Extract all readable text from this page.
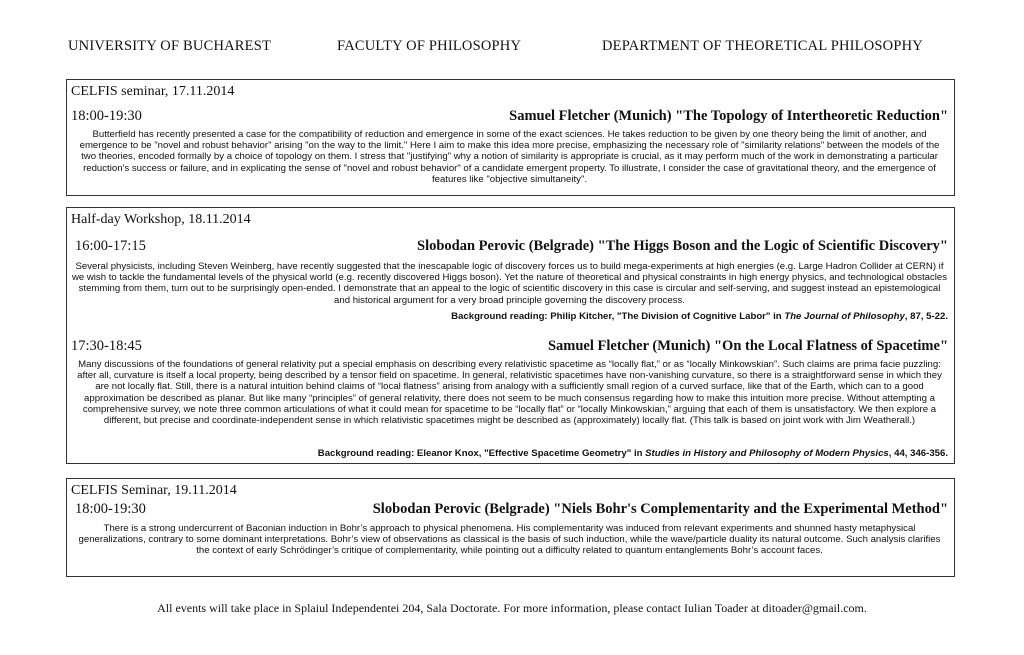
UNIVERSITY OF BUCHAREST	FACULTY OF PHILOSOPHY	DEPARTMENT OF THEORETICAL PHILOSOPHY
CELFIS seminar, 17.11.2014
18:00-19:30	Samuel Fletcher (Munich) "The Topology of Intertheoretic Reduction"

Butterfield has recently presented a case for the compatibility of reduction and emergence in some of the exact sciences. He takes reduction to be given by one theory being the limit of another, and emergence to be "novel and robust behavior" arising "on the way to the limit." Here I aim to make this idea more precise, emphasizing the necessary role of "similarity relations" between the models of the two theories, encoded formally by a choice of topology on them. I stress that "justifying" why a notion of similarity is appropriate is crucial, as it may perform much of the work in demonstrating a particular reduction's success or failure, and in explicating the sense of "novel and robust behavior" of a candidate emergent property. To illustrate, I consider the case of gravitational theory, and the emergence of features like "objective simultaneity".

Half-day Workshop, 18.11.2014
16:00-17:15	Slobodan Perovic (Belgrade) "The Higgs Boson and the Logic of Scientific Discovery"

Several physicists, including Steven Weinberg, have recently suggested that the inescapable logic of discovery forces us to build mega-experiments at high energies (e.g. Large Hadron Collider at CERN) if we wish to tackle the fundamental levels of the physical world (e.g. recently discovered Higgs boson). Yet the nature of theoretical and physical constraints in high energy physics, and technological obstacles stemming from them, turn out to be surprisingly open-ended. I demonstrate that an appeal to the logic of scientific discovery in this case is circular and self-serving, and suggest instead an epistemological and historical argument for a very broad principle governing the discovery process.

Background reading: Philip Kitcher, "The Division of Cognitive Labor" in The Journal of Philosophy, 87, 5-22.
17:30-18:45	Samuel Fletcher (Munich) "On the Local Flatness of Spacetime"

Many discussions of the foundations of general relativity put a special emphasis on describing every relativistic spacetime as “locally flat,” or as “locally Minkowskian”. Such claims are prima facie puzzling: after all, curvature is itself a local property, being described by a tensor field on spacetime. In general, relativistic spacetimes have non-vanishing curvature, so there is a straightforward sense in which they are not locally flat. Still, there is a natural intuition behind claims of “local flatness” arising from analogy with a sufficiently small region of a curved surface, like that of the Earth, which can to a good approximation be described as planar. But like many “principles” of general relativity, there does not seem to be much consensus regarding how to make this intuition more precise. Without attempting a comprehensive survey, we note three common articulations of what it could mean for spacetime to be “locally flat” or “locally Minkowskian,” arguing that each of them is unsatisfactory. We then explore a different, but precise and coordinate-independent sense in which relativistic spacetimes might be described as (approximately) locally flat. (This talk is based on joint work with Jim Weatherall.)

Background reading: Eleanor Knox, "Effective Spacetime Geometry" in Studies in History and Philosophy of Modern Physics, 44, 346-356.
CELFIS Seminar, 19.11.2014
18:00-19:30	Slobodan Perovic (Belgrade) "Niels Bohr's Complementarity and the Experimental Method"

There is a strong undercurrent of Baconian induction in Bohr’s approach to physical phenomena. His complementarity was induced from relevant experiments and shunned hasty metaphysical generalizations, contrary to some dominant interpretations. Bohr’s view of observations as classical is the basis of such induction, while the wave/particle duality its natural outcome. Such analysis clarifies the context of early Schrödinger’s critique of complementarity, while pointing out a difficulty related to quantum entanglements Bohr’s account faces.

All events will take place in Splaiul Independentei 204, Sala Doctorate. For more information, please contact Iulian Toader at ditoader@gmail.com.
